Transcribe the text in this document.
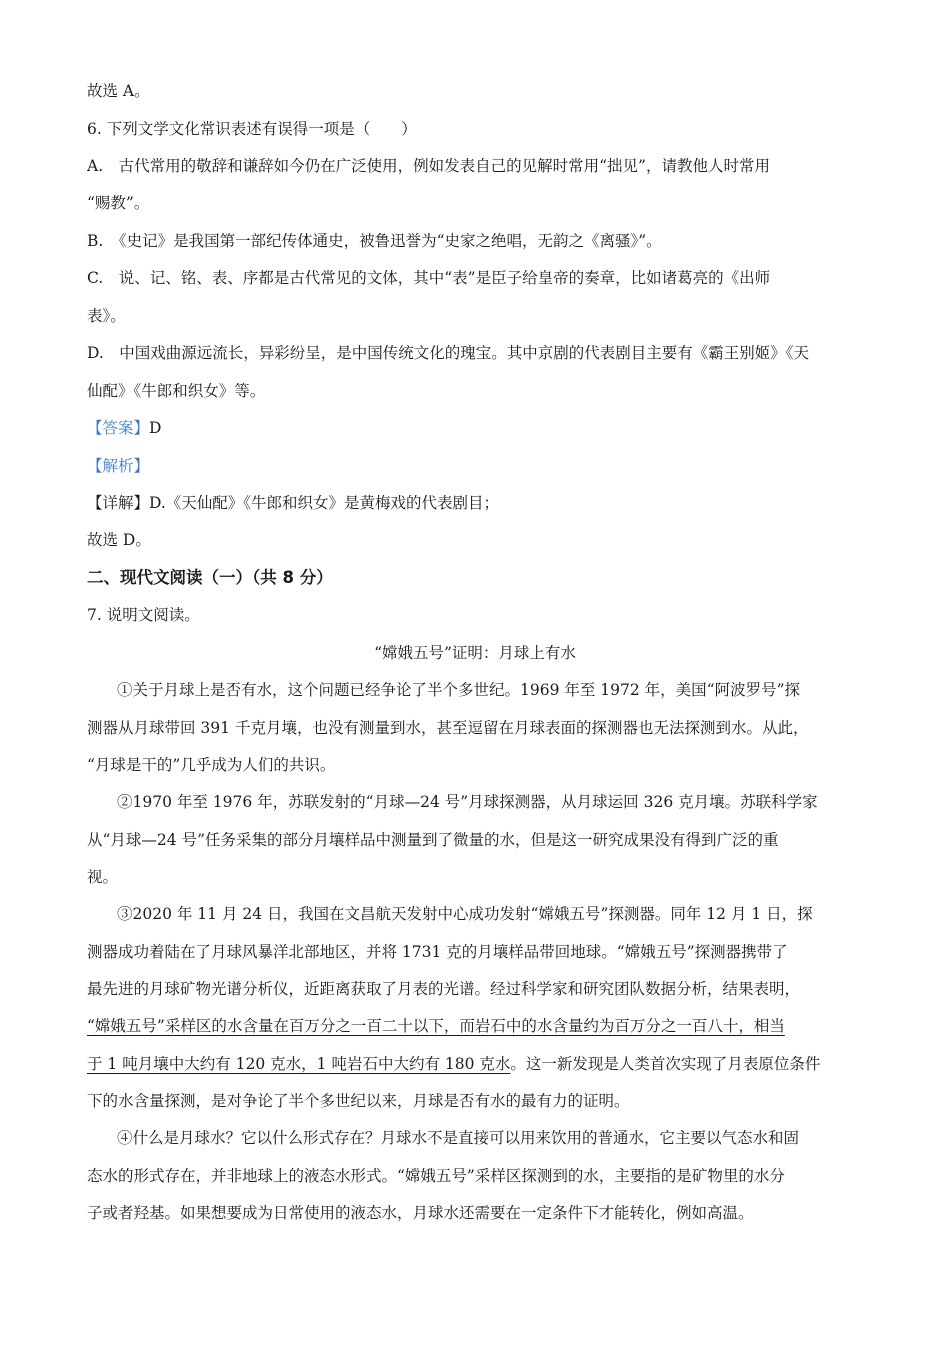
故选 A。
6. 下列文学文化常识表述有误得一项是（　　）
A.　古代常用的敬辞和谦辞如今仍在广泛使用，例如发表自己的见解时常用“拙见”，请教他人时常用
“赐教”。
B.　《史记》是我国第一部纪传体通史，被鲁迅誉为“史家之绝唱，无韵之《离骚》”。
C.　说、记、铭、表、序都是古代常见的文体，其中“表”是臣子给皇帝的奏章，比如诸葛亮的《出师
表》。
D.　中国戏曲源远流长，异彩纷呈，是中国传统文化的瑰宝。其中京剧的代表剧目主要有《霸王别姬》《天
仙配》《牛郎和织女》等。
【答案】D
【解析】
【详解】D.《天仙配》《牛郎和织女》是黄梅戏的代表剧目；
故选 D。
二、现代文阅读（一）（共 8 分）
7. 说明文阅读。
“嫦娥五号”证明：月球上有水
①关于月球上是否有水，这个问题已经争论了半个多世纪。1969 年至 1972 年，美国“阿波罗号”探
测器从月球带回 391 千克月壤，也没有测量到水，甚至逗留在月球表面的探测器也无法探测到水。从此，
“月球是干的”几乎成为人们的共识。
②1970 年至 1976 年，苏联发射的“月球—24 号”月球探测器，从月球运回 326 克月壤。苏联科学家
从“月球—24 号”任务采集的部分月壤样品中测量到了微量的水，但是这一研究成果没有得到广泛的重
视。
③2020 年 11 月 24 日，我国在文昌航天发射中心成功发射“嫦娥五号”探测器。同年 12 月 1 日，探
测器成功着陆在了月球风暴洋北部地区，并将 1731 克的月壤样品带回地球。“嫦娥五号”探测器携带了
最先进的月球矿物光谱分析仪，近距离获取了月表的光谱。经过科学家和研究团队数据分析，结果表明，
“嫦娥五号”采样区的水含量在百万分之一百二十以下，而岩石中的水含量约为百万分之一百八十，相当
于 1 吨月壤中大约有 120 克水，1 吨岩石中大约有 180 克水。这一新发现是人类首次实现了月表原位条件
下的水含量探测，是对争论了半个多世纪以来，月球是否有水的最有力的证明。
④什么是月球水？它以什么形式存在？月球水不是直接可以用来饮用的普通水，它主要以气态水和固
态水的形式存在，并非地球上的液态水形式。“嫦娥五号”采样区探测到的水，主要指的是矿物里的水分
子或者羟基。如果想要成为日常使用的液态水，月球水还需要在一定条件下才能转化，例如高温。
